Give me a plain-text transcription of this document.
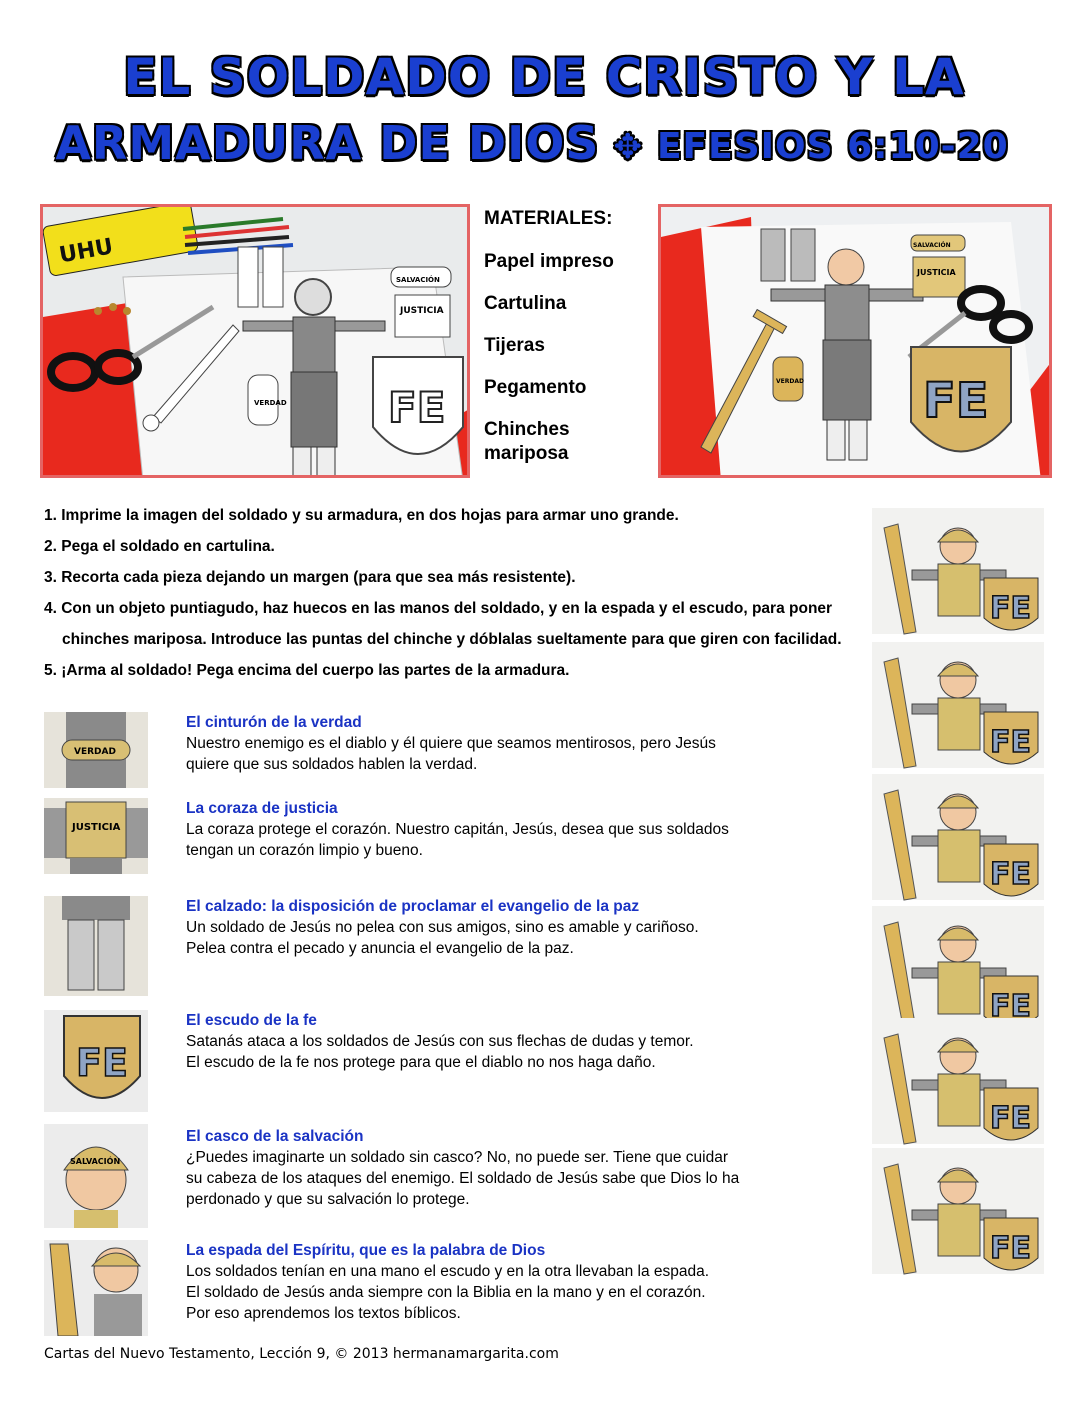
EL SOLDADO DE CRISTO Y LA
ARMADURA DE DIOS ✥ EFESIOS 6:10-20
UHU
SALVACIÓN
JUSTICIA
VERDAD FE
MATERIALES:
Papel impreso
Cartulina
Tijeras
Pegamento
Chinches mariposa
SALVACIÓN
JUSTICIA
VERDAD FE
1. Imprime la imagen del soldado y su armadura, en dos hojas para armar uno grande.
2. Pega el soldado en cartulina.
3. Recorta cada pieza dejando un margen (para que sea más resistente).
4. Con un objeto puntiagudo, haz huecos en las manos del soldado, y en la espada y el escudo, para poner
chinches mariposa. Introduce las puntas del chinche y dóblalas sueltamente para que giren con facilidad.
5. ¡Arma al soldado! Pega encima del cuerpo las partes de la armadura.
VERDAD
El cinturón de la verdad
Nuestro enemigo es el diablo y él quiere que seamos mentirosos, pero Jesús
quiere que sus soldados hablen la verdad.
JUSTICIA
La coraza de justicia
La coraza protege el corazón. Nuestro capitán, Jesús, desea que sus soldados
tengan un corazón limpio y bueno.
El calzado: la disposición de proclamar el evangelio de la paz
Un soldado de Jesús no pelea con sus amigos, sino es amable y cariñoso.
Pelea contra el pecado y anuncia el evangelio de la paz.
FE
El escudo de la fe
Satanás ataca a los soldados de Jesús con sus flechas de dudas y temor.
El escudo de la fe nos protege para que el diablo no nos haga daño.
SALVACIÓN
El casco de la salvación
¿Puedes imaginarte un soldado sin casco? No, no puede ser. Tiene que cuidar
su cabeza de los ataques del enemigo. El soldado de Jesús sabe que Dios lo ha
perdonado y que su salvación lo protege.
La espada del Espíritu, que es la palabra de Dios
Los soldados tenían en una mano el escudo y en la otra llevaban la espada.
El soldado de Jesús anda siempre con la Biblia en la mano y en el corazón.
Por eso aprendemos los textos bíblicos.
Cartas del Nuevo Testamento, Lección 9, © 2013 hermanamargarita.com
